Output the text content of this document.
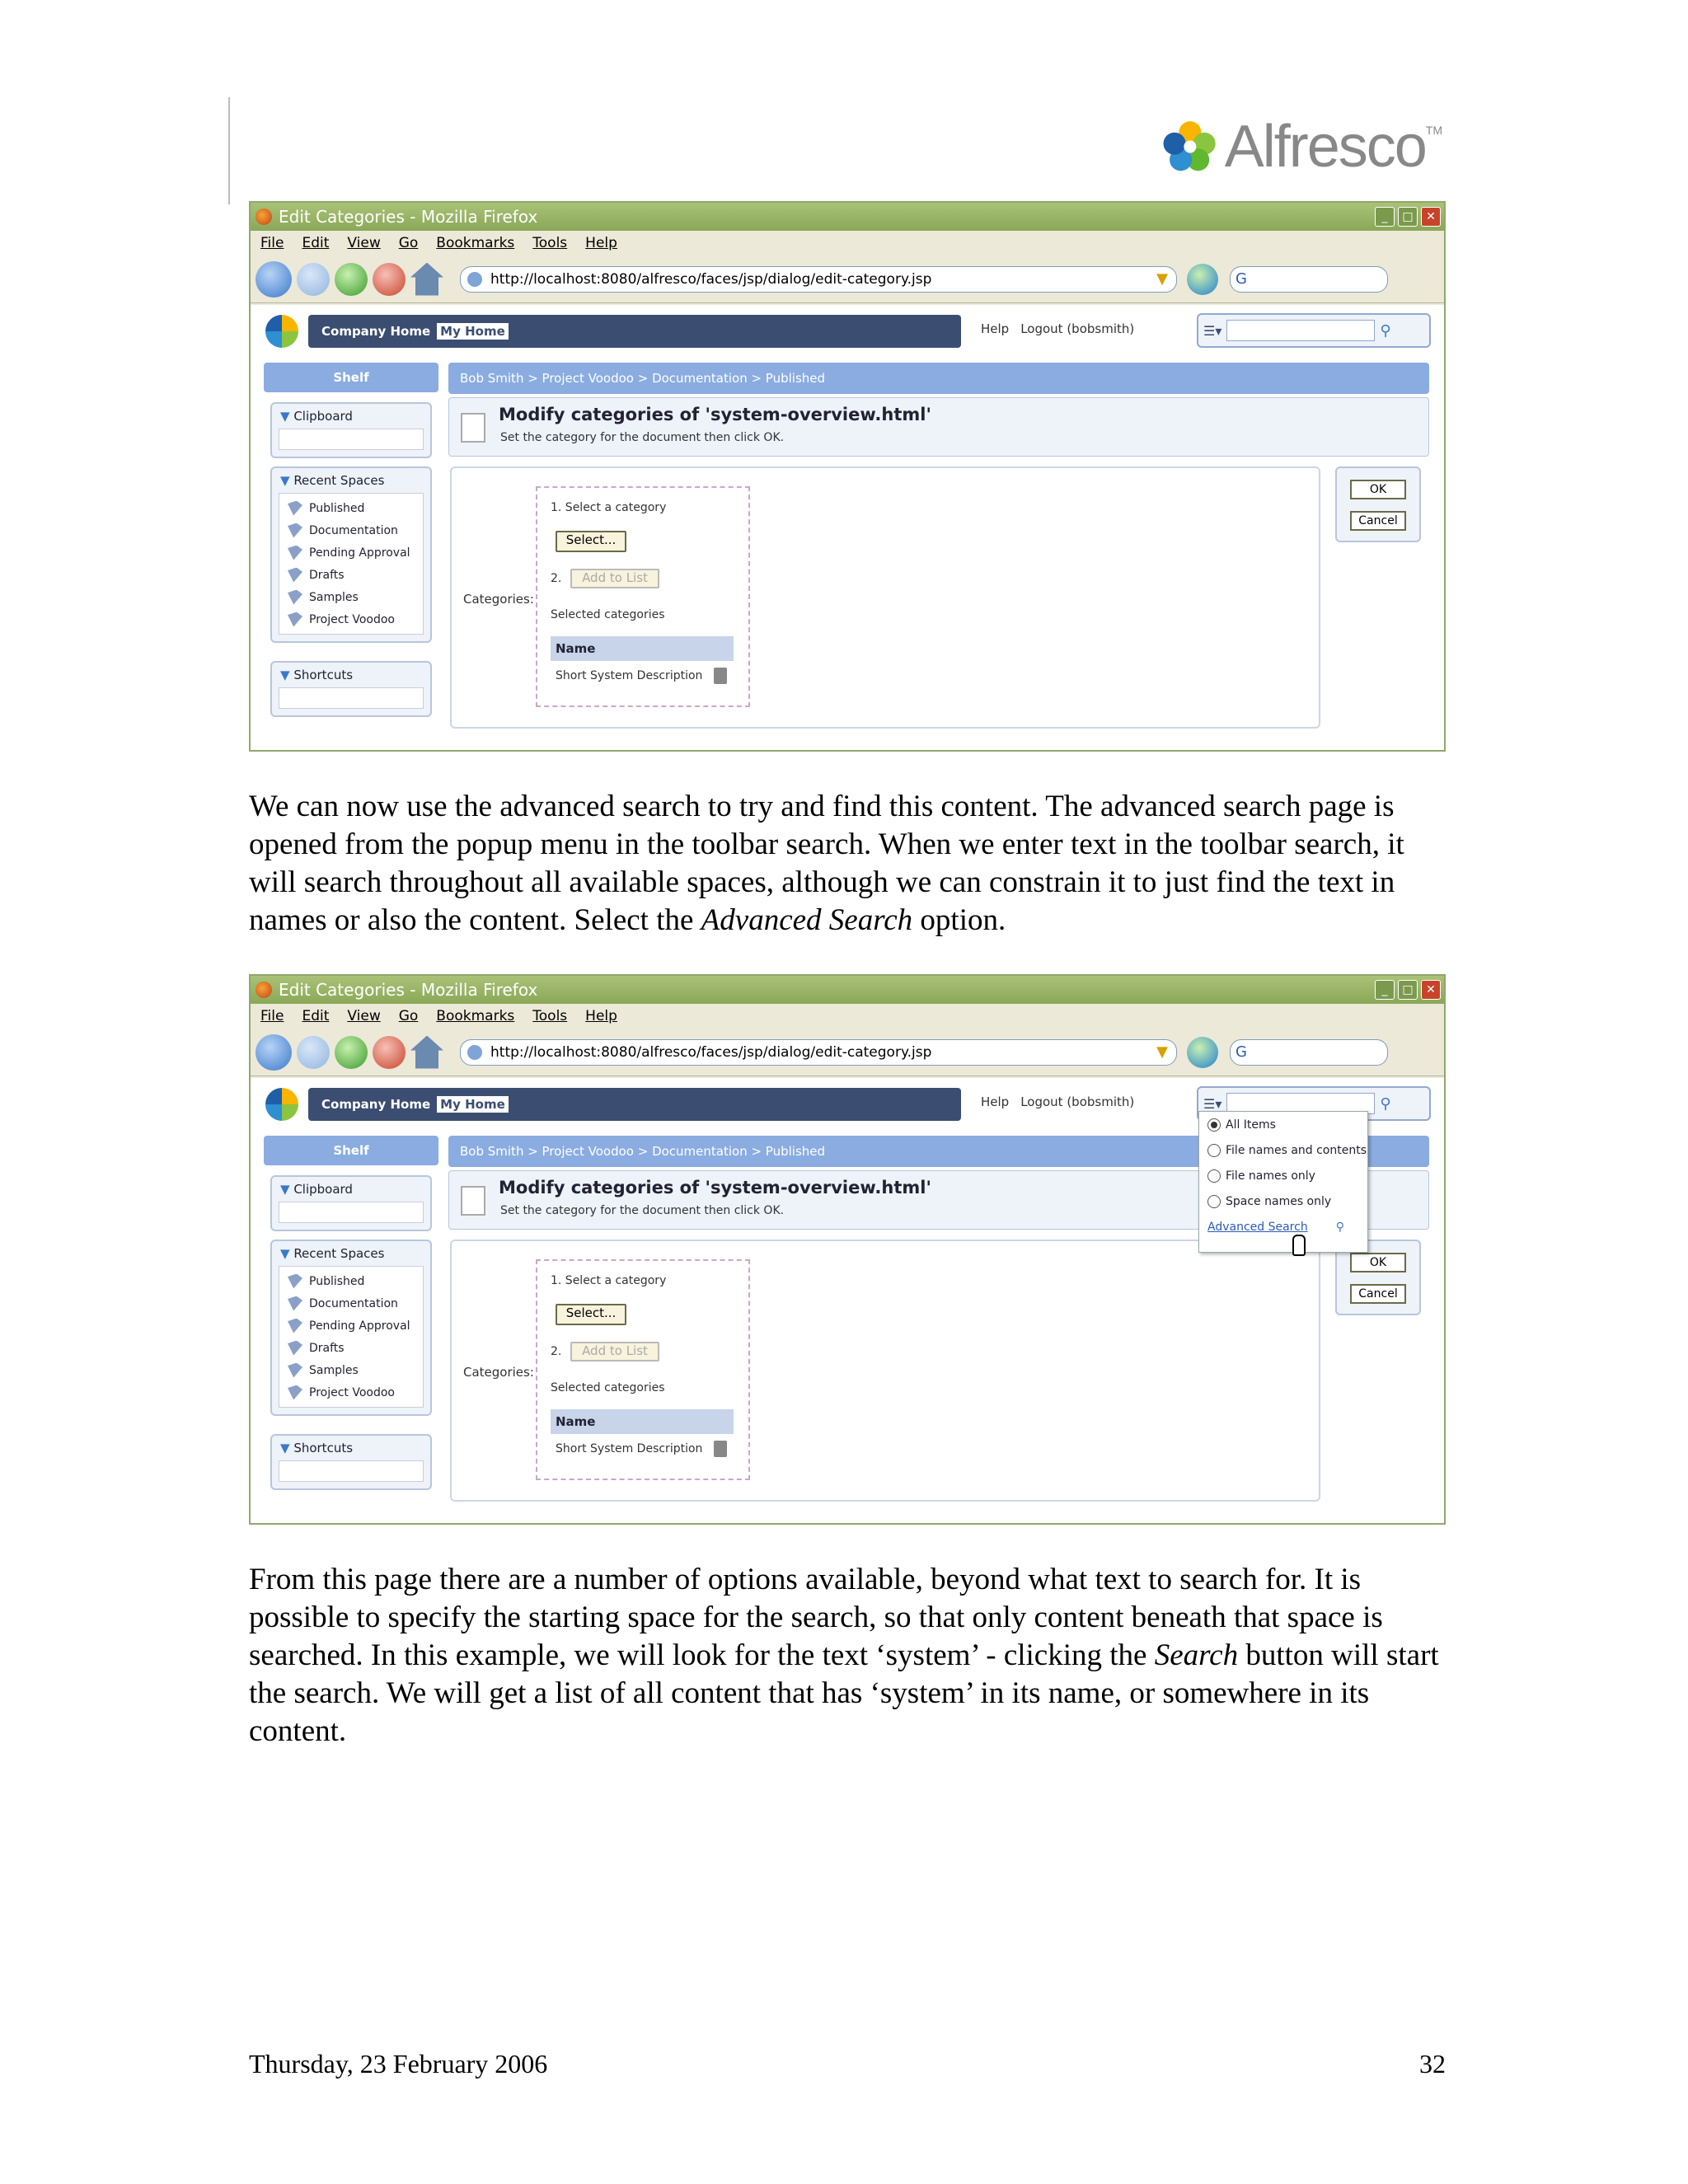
Alfresco TM
Edit Categories - Mozilla Firefox	_	□	✕
File Edit View Go Bookmarks Tools Help
http://localhost:8080/alfresco/faces/jsp/dialog/edit-category.jsp	▼	G
Company Home My Home	Help Logout (bobsmith)	☰▾	⚲
Shelf
▼ Clipboard
▼ Recent Spaces
Published
Documentation
Pending Approval
Drafts
Samples
Project Voodoo
▼ Shortcuts
Bob Smith > Project Voodoo > Documentation > Published
Modify categories of 'system-overview.html'
Set the category for the document then click OK.
Categories:
1. Select a category
Select...
2.	Add to List
Selected categories
Name
Short System Description
OK
Cancel

We can now use the advanced search to try and find this content. The advanced search page is opened from the popup menu in the toolbar search. When we enter text in the toolbar search, it will search throughout all available spaces, although we can constrain it to just find the text in names or also the content. Select the Advanced Search option.

Edit Categories - Mozilla Firefox	_	□	✕
File Edit View Go Bookmarks Tools Help
http://localhost:8080/alfresco/faces/jsp/dialog/edit-category.jsp	▼	G
Company Home My Home	Help Logout (bobsmith)	☰▾	⚲
Shelf
▼ Clipboard
▼ Recent Spaces
Published
Documentation
Pending Approval
Drafts
Samples
Project Voodoo
▼ Shortcuts
Bob Smith > Project Voodoo > Documentation > Published
Modify categories of 'system-overview.html'
Set the category for the document then click OK.
Categories:
1. Select a category
Select...
2.	Add to List
Selected categories
Name
Short System Description
OK
Cancel
All Items
File names and contents
File names only
Space names only
Advanced Search ⚲

From this page there are a number of options available, beyond what text to search for. It is possible to specify the starting space for the search, so that only content beneath that space is searched. In this example, we will look for the text ‘system’ - clicking the Search button will start the search. We will get a list of all content that has ‘system’ in its name, or somewhere in its content.

Thursday, 23 February 2006	32
